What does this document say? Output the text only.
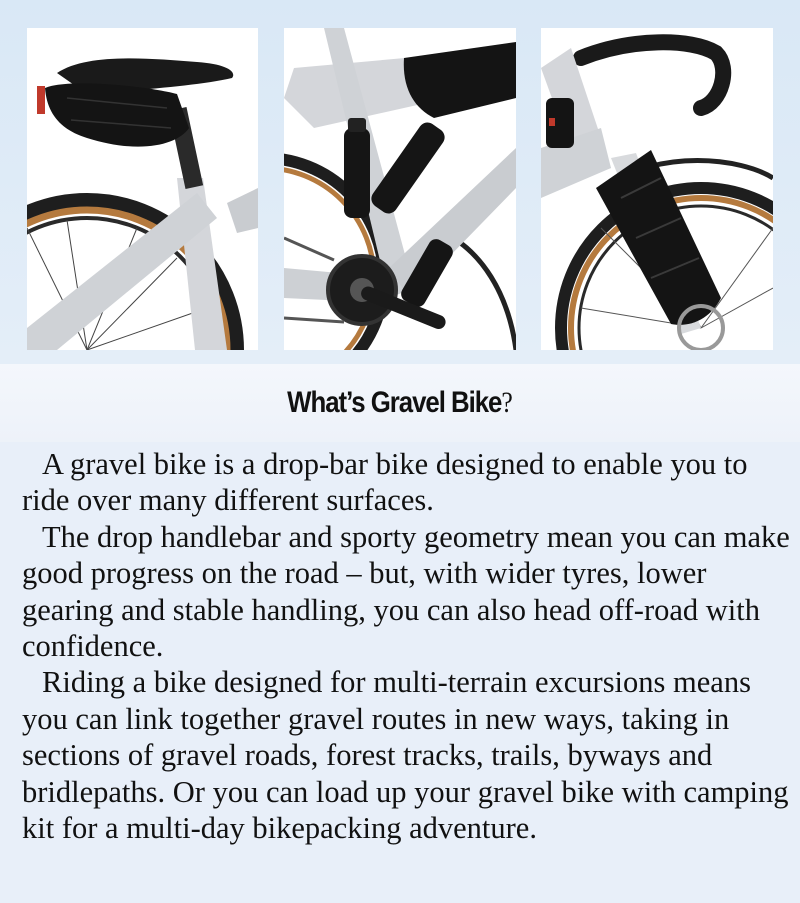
What’s Gravel Bike?

A gravel bike is a drop-bar bike designed to enable you to ride over many different surfaces.

The drop handlebar and sporty geometry mean you can make good progress on the road – but, with wider tyres, lower gearing and stable handling, you can also head off-road with confidence.

Riding a bike designed for multi-terrain excursions means you can link together gravel routes in new ways, taking in sections of gravel roads, forest tracks, trails, byways and bridlepaths. Or you can load up your gravel bike with camping kit for a multi-day bikepacking adventure.
